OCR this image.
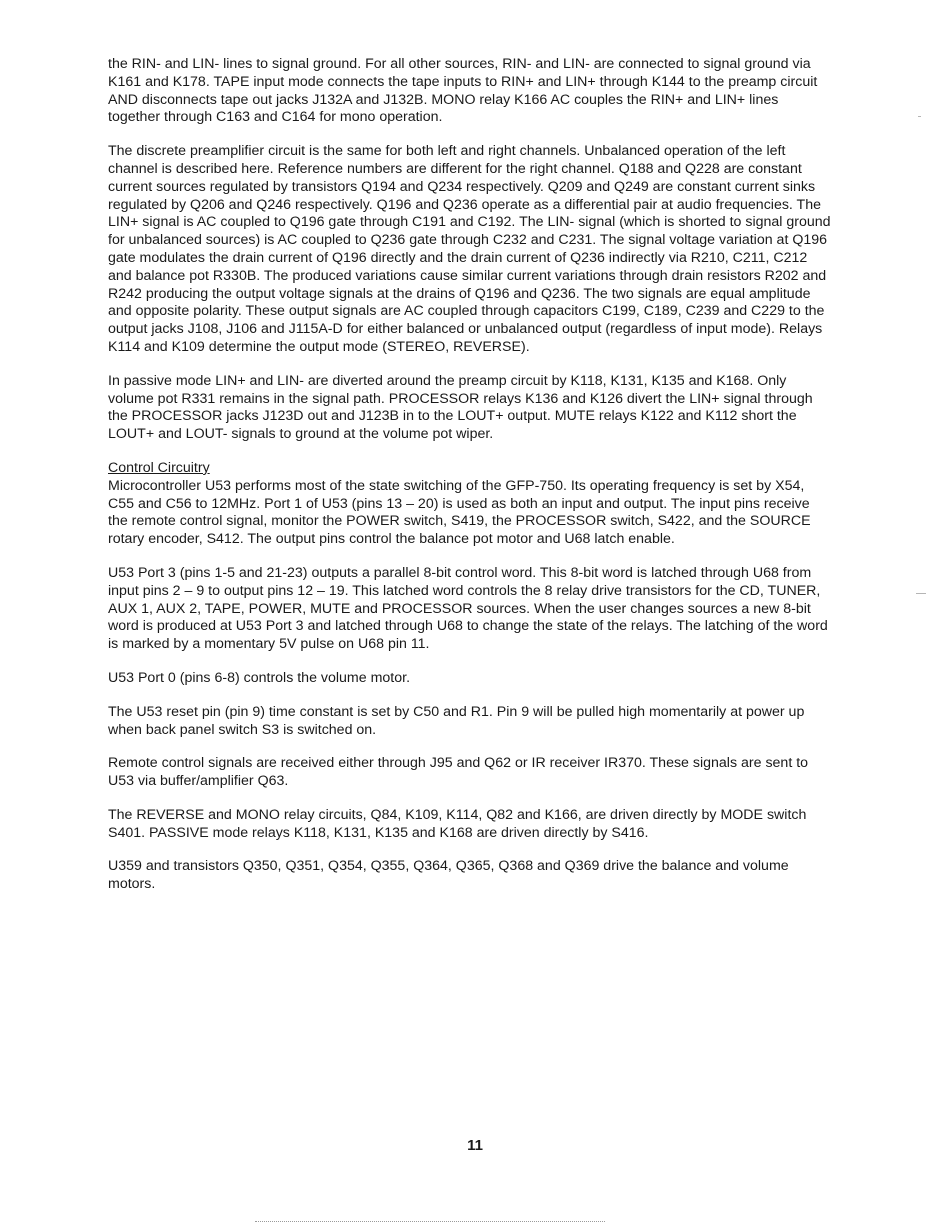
the RIN- and LIN- lines to signal ground. For all other sources, RIN- and LIN- are connected to signal ground via K161 and K178. TAPE input mode connects the tape inputs to RIN+ and LIN+ through K144 to the preamp circuit AND disconnects tape out jacks J132A and J132B. MONO relay K166 AC couples the RIN+ and LIN+ lines together through C163 and C164 for mono operation.

The discrete preamplifier circuit is the same for both left and right channels. Unbalanced operation of the left channel is described here. Reference numbers are different for the right channel. Q188 and Q228 are constant current sources regulated by transistors Q194 and Q234 respectively. Q209 and Q249 are constant current sinks regulated by Q206 and Q246 respectively. Q196 and Q236 operate as a differential pair at audio frequencies. The LIN+ signal is AC coupled to Q196 gate through C191 and C192. The LIN- signal (which is shorted to signal ground for unbalanced sources) is AC coupled to Q236 gate through C232 and C231. The signal voltage variation at Q196 gate modulates the drain current of Q196 directly and the drain current of Q236 indirectly via R210, C211, C212 and balance pot R330B. The produced variations cause similar current variations through drain resistors R202 and R242 producing the output voltage signals at the drains of Q196 and Q236. The two signals are equal amplitude and opposite polarity. These output signals are AC coupled through capacitors C199, C189, C239 and C229 to the output jacks J108, J106 and J115A-D for either balanced or unbalanced output (regardless of input mode). Relays K114 and K109 determine the output mode (STEREO, REVERSE).

In passive mode LIN+ and LIN- are diverted around the preamp circuit by K118, K131, K135 and K168. Only volume pot R331 remains in the signal path. PROCESSOR relays K136 and K126 divert the LIN+ signal through the PROCESSOR jacks J123D out and J123B in to the LOUT+ output. MUTE relays K122 and K112 short the LOUT+ and LOUT- signals to ground at the volume pot wiper.

Control Circuitry
Microcontroller U53 performs most of the state switching of the GFP-750. Its operating frequency is set by X54, C55 and C56 to 12MHz. Port 1 of U53 (pins 13 – 20) is used as both an input and output. The input pins receive the remote control signal, monitor the POWER switch, S419, the PROCESSOR switch, S422, and the SOURCE rotary encoder, S412. The output pins control the balance pot motor and U68 latch enable.

U53 Port 3 (pins 1-5 and 21-23) outputs a parallel 8-bit control word. This 8-bit word is latched through U68 from input pins 2 – 9 to output pins 12 – 19. This latched word controls the 8 relay drive transistors for the CD, TUNER, AUX 1, AUX 2, TAPE, POWER, MUTE and PROCESSOR sources. When the user changes sources a new 8-bit word is produced at U53 Port 3 and latched through U68 to change the state of the relays. The latching of the word is marked by a momentary 5V pulse on U68 pin 11.

U53 Port 0 (pins 6-8) controls the volume motor.

The U53 reset pin (pin 9) time constant is set by C50 and R1. Pin 9 will be pulled high momentarily at power up when back panel switch S3 is switched on.

Remote control signals are received either through J95 and Q62 or IR receiver IR370. These signals are sent to U53 via buffer/amplifier Q63.

The REVERSE and MONO relay circuits, Q84, K109, K114, Q82 and K166, are driven directly by MODE switch S401. PASSIVE mode relays K118, K131, K135 and K168 are driven directly by S416.

U359 and transistors Q350, Q351, Q354, Q355, Q364, Q365, Q368 and Q369 drive the balance and volume motors.

11
